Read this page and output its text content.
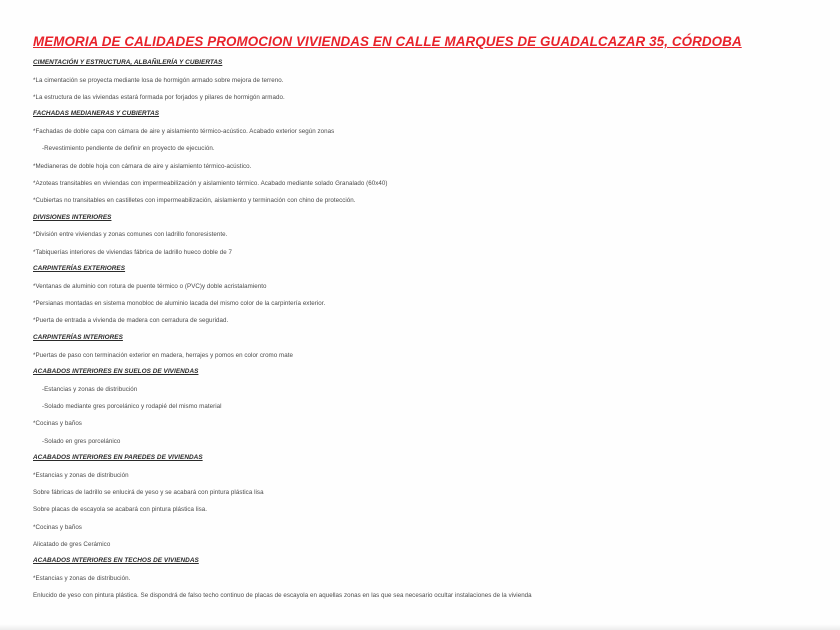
MEMORIA DE CALIDADES PROMOCION VIVIENDAS EN CALLE MARQUES DE GUADALCAZAR 35, CÓRDOBA
CIMENTACIÓN Y ESTRUCTURA, ALBAÑILERÍA Y CUBIERTAS
*La cimentación se proyecta mediante losa de hormigón armado sobre mejora de terreno.
*La estructura de las viviendas estará formada por forjados y pilares de hormigón armado.
FACHADAS MEDIANERAS Y CUBIERTAS
*Fachadas de doble capa con cámara de aire y aislamiento térmico-acústico. Acabado exterior según zonas
-Revestimiento pendiente de definir en proyecto de ejecución.
*Medianeras de doble hoja con cámara de aire y aislamiento térmico-acústico.
*Azoteas transitables en viviendas con impermeabilización y aislamiento térmico. Acabado mediante solado Granalado (60x40)
*Cubiertas no transitables en castilletes con impermeabilización, aislamiento y terminación con chino de protección.
DIVISIONES INTERIORES
*División entre viviendas y zonas comunes con ladrillo fonoresistente.
*Tabiquerías interiores de viviendas fábrica de ladrillo hueco doble de 7
CARPINTERÍAS EXTERIORES
*Ventanas de aluminio con rotura de puente térmico o (PVC)y doble acristalamiento
*Persianas montadas en sistema monobloc de aluminio lacada del mismo color de la carpintería exterior.
*Puerta de entrada a vivienda de madera con cerradura de seguridad.
CARPINTERÍAS INTERIORES
*Puertas de paso con terminación exterior en madera, herrajes y pomos en color cromo mate
ACABADOS INTERIORES EN SUELOS DE VIVIENDAS
-Estancias y zonas de distribución
-Solado mediante gres porcelánico y rodapié del mismo material
*Cocinas y baños
-Solado en gres porcelánico
ACABADOS INTERIORES EN PAREDES DE VIVIENDAS
*Estancias y zonas de distribución
Sobre fábricas de ladrillo se enlucirá de yeso y se acabará con pintura plástica lisa
Sobre placas de escayola se acabará con pintura plástica lisa.
*Cocinas y baños
Alicatado de gres Cerámico
ACABADOS INTERIORES EN TECHOS DE VIVIENDAS
*Estancias y zonas de distribución.
Enlucido de yeso con pintura plástica. Se dispondrá de falso techo continuo de placas de escayola en aquellas zonas en las que sea necesario ocultar instalaciones de la vivienda
